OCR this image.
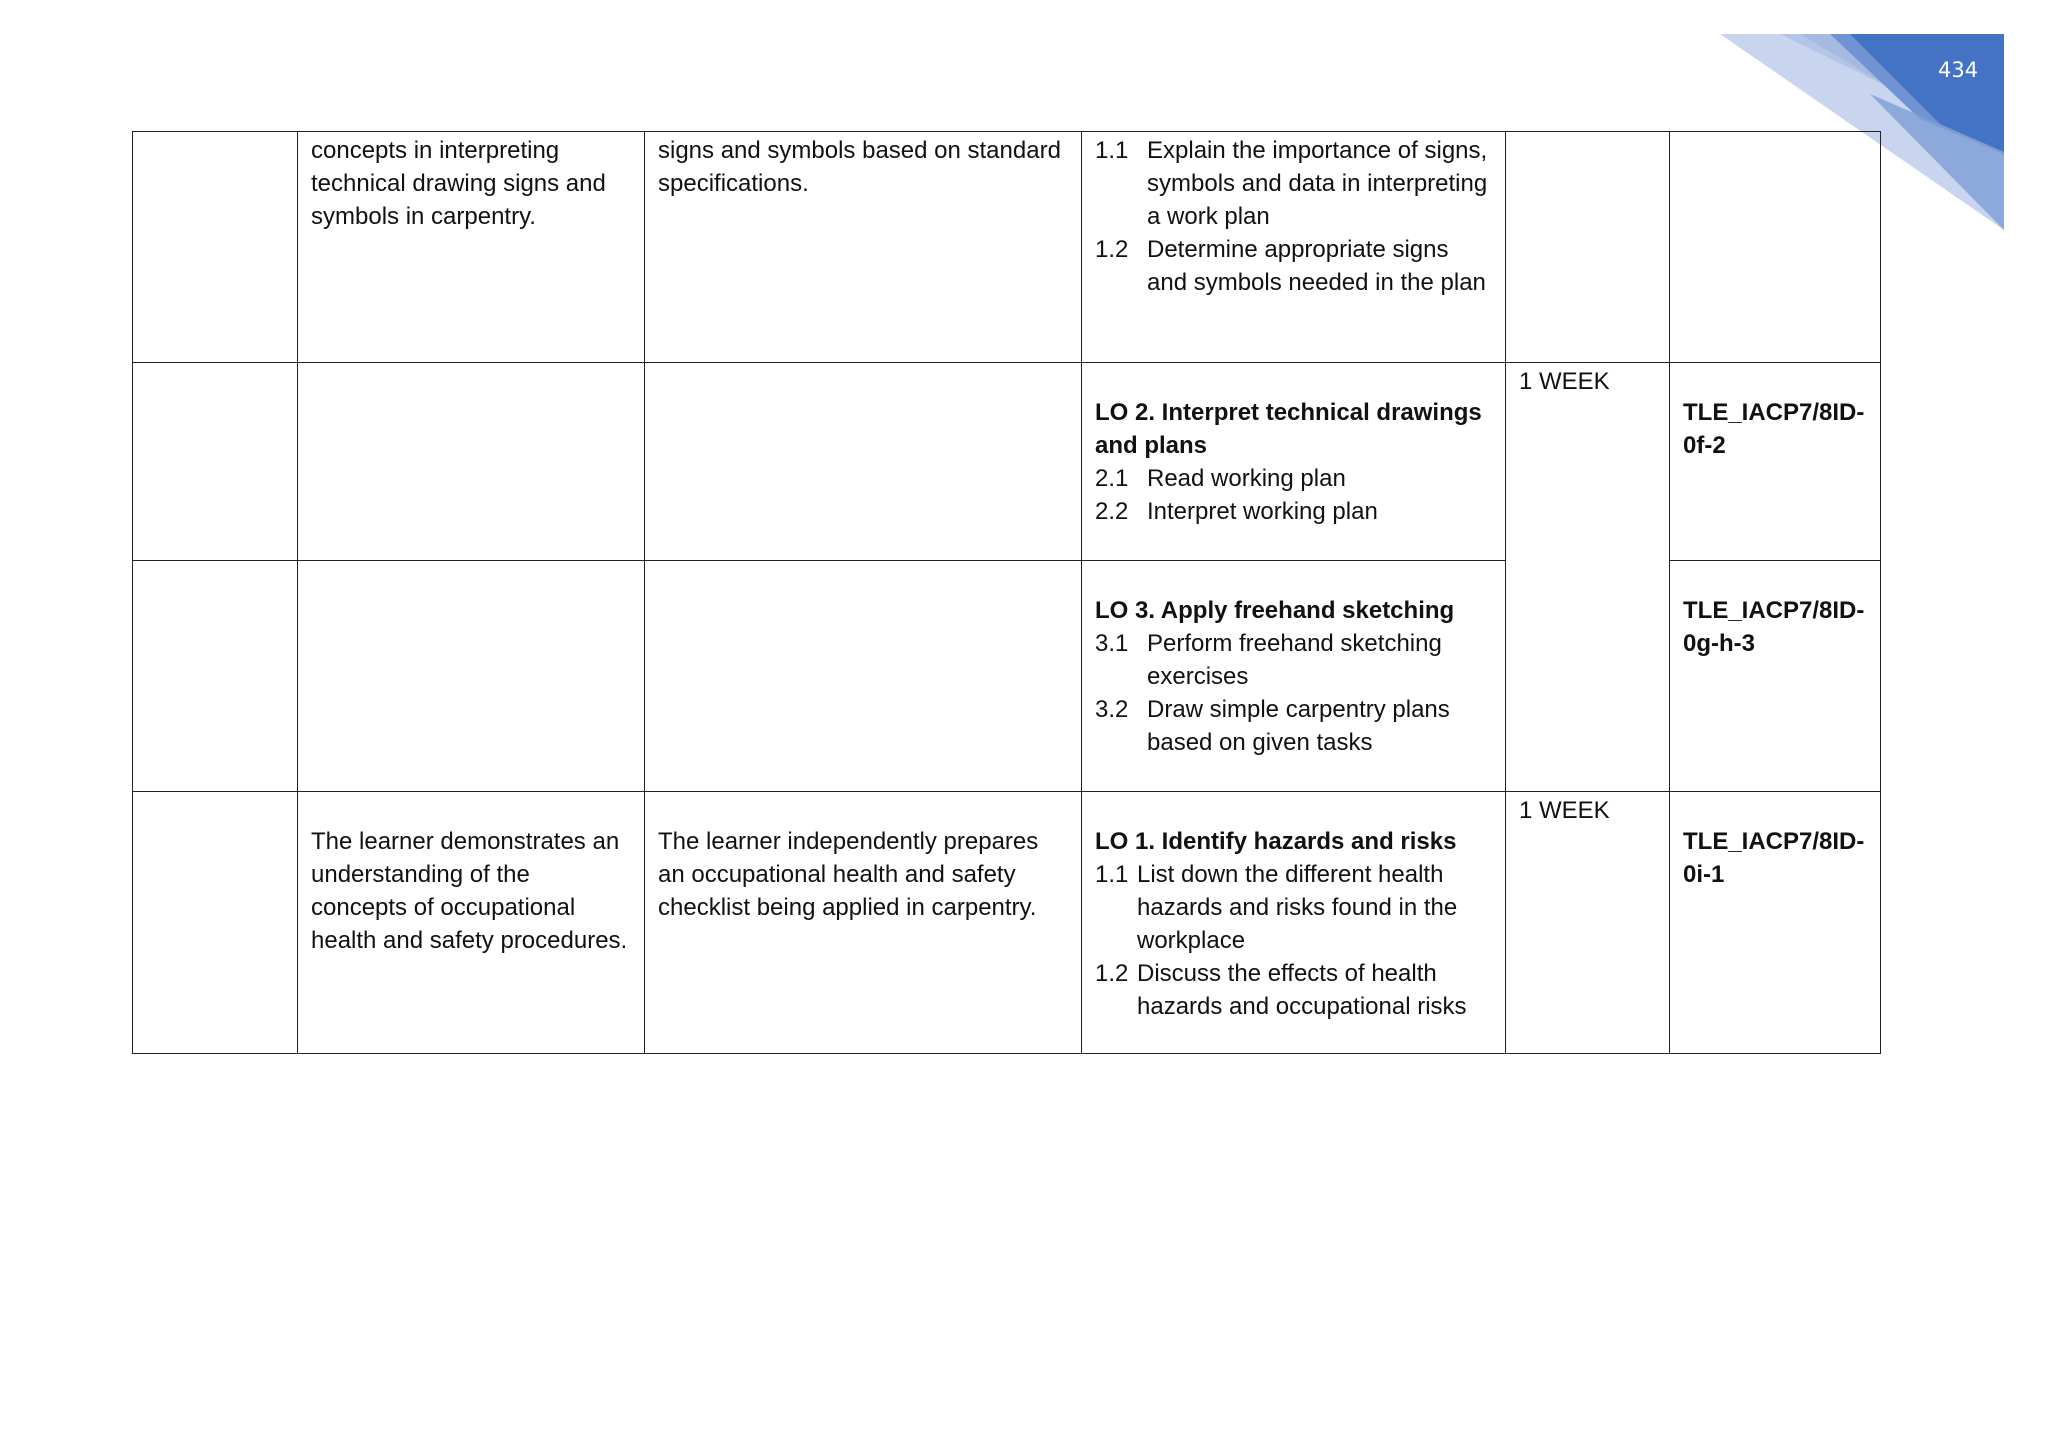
434
	concepts in interpreting technical drawing signs and symbols in carpentry.	signs and symbols based on standard specifications.	1.1 Explain the importance of signs, symbols and data in interpreting a work plan
1.2 Determine appropriate signs and symbols needed in the plan		

			LO 2. Interpret technical drawings and plans
2.1 Read working plan
2.2 Interpret working plan	1 WEEK	TLE_IACP7/8ID-0f-2

			LO 3. Apply freehand sketching
3.1 Perform freehand sketching exercises
3.2 Draw simple carpentry plans based on given tasks		TLE_IACP7/8ID-0g-h-3
	The learner demonstrates an understanding of the concepts of occupational health and safety procedures.	The learner independently prepares an occupational health and safety checklist being applied in carpentry.	LO 1. Identify hazards and risks
1.1 List down the different health hazards and risks found in the workplace
1.2 Discuss the effects of health hazards and occupational risks	1 WEEK	TLE_IACP7/8ID-0i-1
